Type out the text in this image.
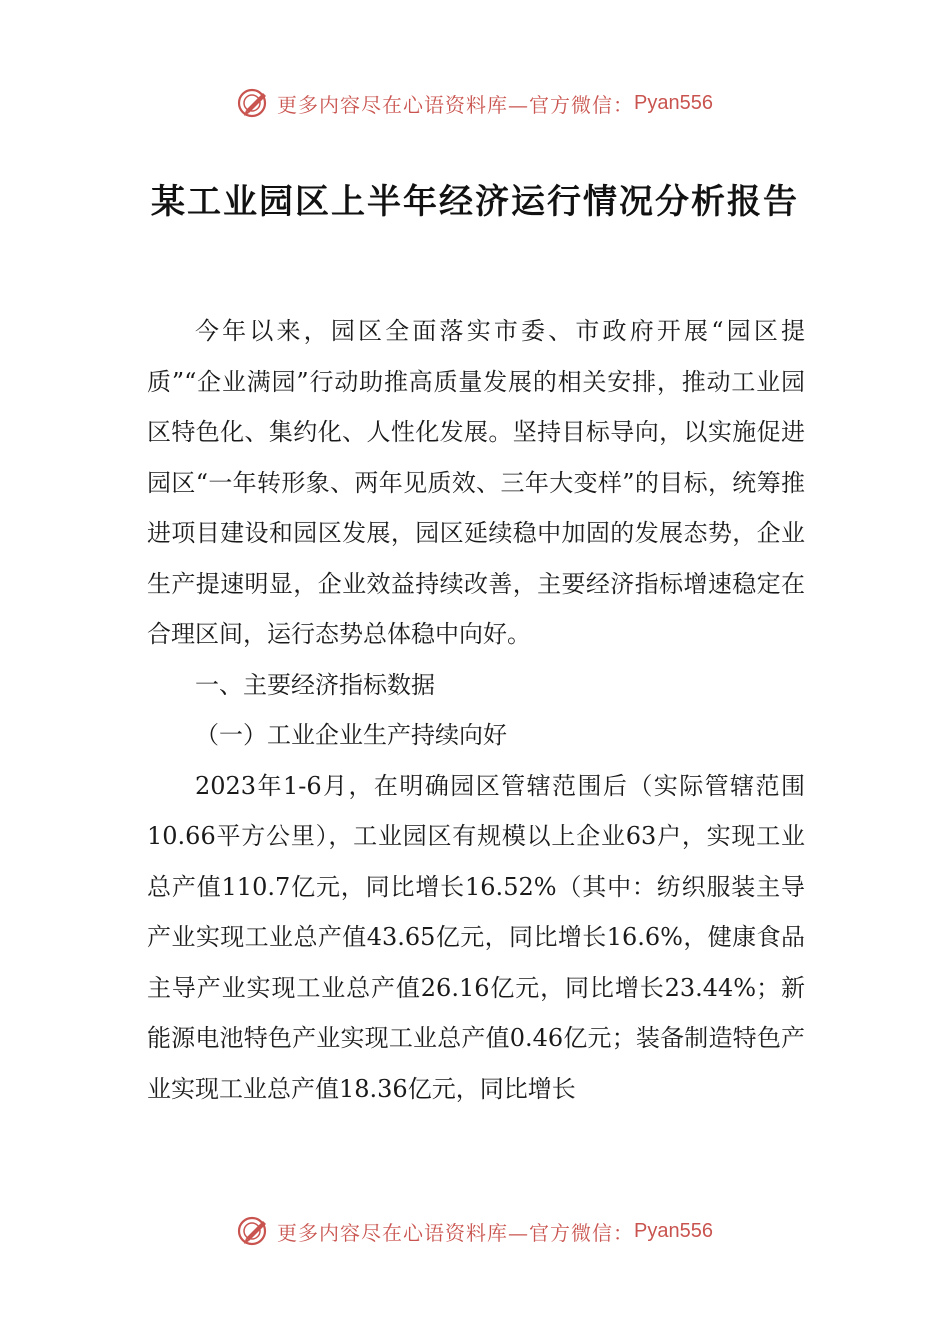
更多内容尽在心语资料库—官方微信： Pyan556
某工业园区上半年经济运行情况分析报告

今年以来，园区全面落实市委、市政府开展“园区提质”“企业满园”行动助推高质量发展的相关安排，推动工业园区特色化、集约化、人性化发展。坚持目标导向，以实施促进园区“一年转形象、两年见质效、三年大变样”的目标，统筹推进项目建设和园区发展，园区延续稳中加固的发展态势，企业生产提速明显，企业效益持续改善，主要经济指标增速稳定在合理区间，运行态势总体稳中向好。

一、主要经济指标数据

（一）工业企业生产持续向好

2023年1-6月，在明确园区管辖范围后（实际管辖范围10.66平方公里），工业园区有规模以上企业63户，实现工业总产值110.7亿元，同比增长16.52%（其中：纺织服装主导产业实现工业总产值43.65亿元，同比增长16.6%，健康食品主导产业实现工业总产值26.16亿元，同比增长23.44%；新能源电池特色产业实现工业总产值0.46亿元；装备制造特色产业实现工业总产值18.36亿元，同比增长

更多内容尽在心语资料库—官方微信： Pyan556
